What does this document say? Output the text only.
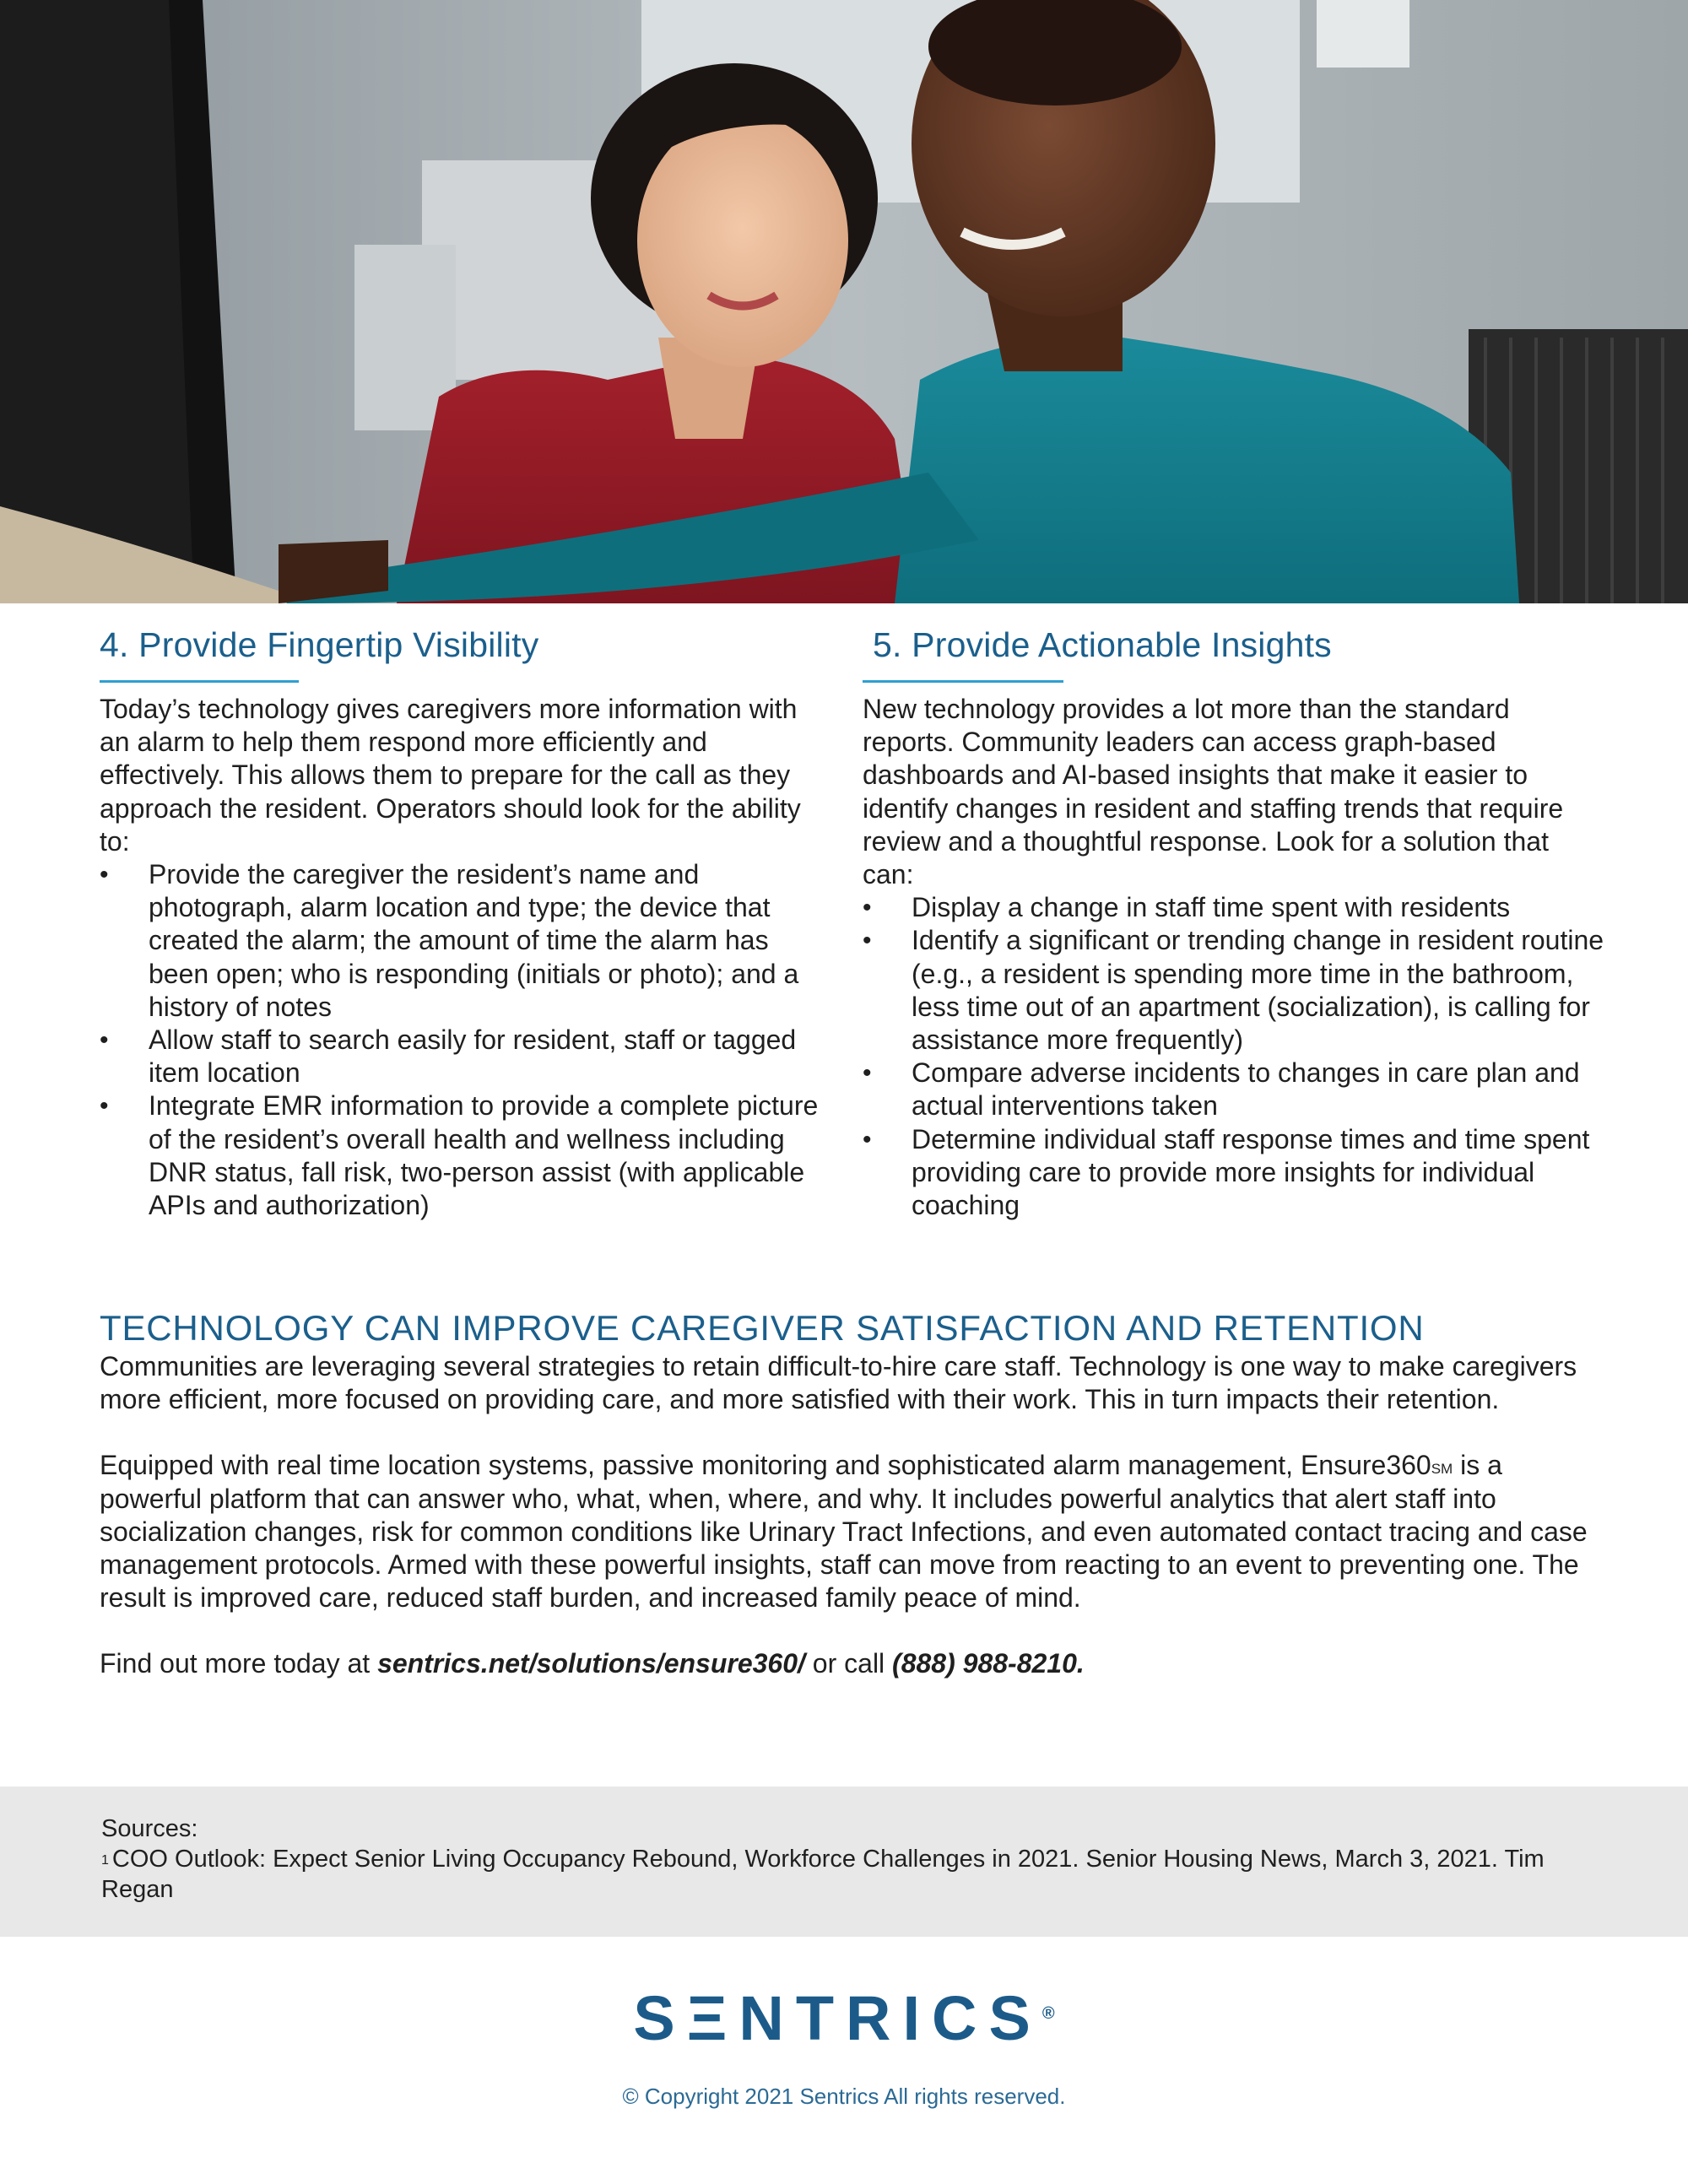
4. Provide Fingertip Visibility

Today’s technology gives caregivers more information with an alarm to help them respond more efficiently and effectively. This allows them to prepare for the call as they approach the resident. Operators should look for the ability to:

• Provide the caregiver the resident’s name and photograph, alarm location and type; the device that created the alarm; the amount of time the alarm has been open; who is responding (initials or photo); and a history of notes
• Allow staff to search easily for resident, staff or tagged item location
• Integrate EMR information to provide a complete picture of the resident’s overall health and wellness including DNR status, fall risk, two-person assist (with applicable APIs and authorization)
5. Provide Actionable Insights

New technology provides a lot more than the standard reports. Community leaders can access graph-based dashboards and AI-based insights that make it easier to identify changes in resident and staffing trends that require review and a thoughtful response. Look for a solution that can:

• Display a change in staff time spent with residents
• Identify a significant or trending change in resident routine (e.g., a resident is spending more time in the bathroom, less time out of an apartment (socialization), is calling for assistance more frequently)
• Compare adverse incidents to changes in care plan and actual interventions taken
• Determine individual staff response times and time spent providing care to provide more insights for individual coaching
TECHNOLOGY CAN IMPROVE CAREGIVER SATISFACTION AND RETENTION

Communities are leveraging several strategies to retain difficult-to-hire care staff. Technology is one way to make caregivers more efficient, more focused on providing care, and more satisfied with their work. This in turn impacts their retention.

Equipped with real time location systems, passive monitoring and sophisticated alarm management, Ensure360℠ is a powerful platform that can answer who, what, when, where, and why. It includes powerful analytics that alert staff into socialization changes, risk for common conditions like Urinary Tract Infections, and even automated contact tracing and case management protocols. Armed with these powerful insights, staff can move from reacting to an event to preventing one. The result is improved care, reduced staff burden, and increased family peace of mind.

Find out more today at sentrics.net/solutions/ensure360/ or call (888) 988-8210.

Sources:
$^1$ COO Outlook: Expect Senior Living Occupancy Rebound, Workforce Challenges in 2021. Senior Housing News, March 3, 2021. Tim Regan
SΞNTRICS®
© Copyright 2021 Sentrics All rights reserved.
